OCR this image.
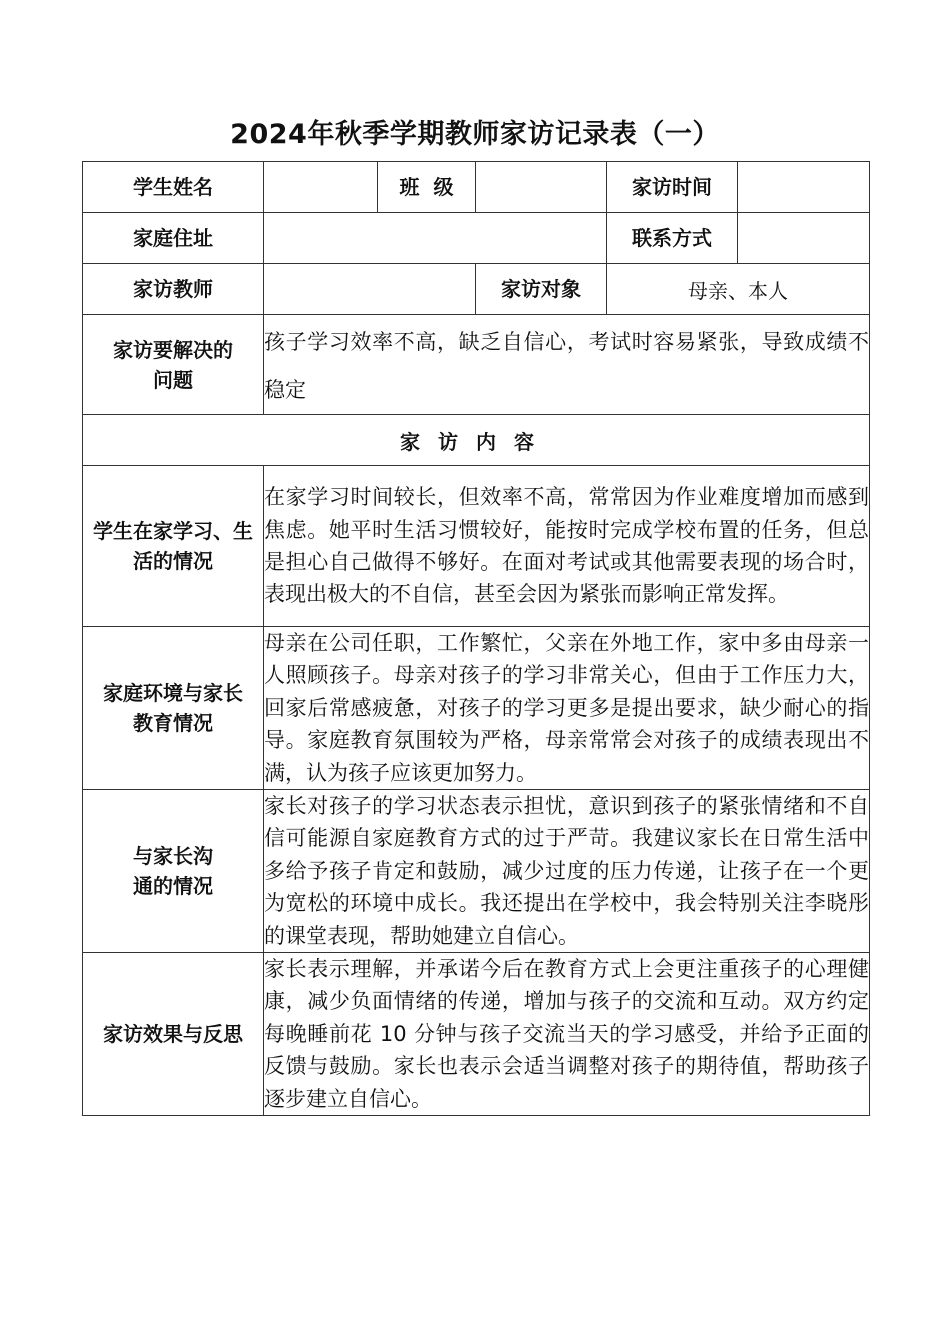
2024年秋季学期教师家访记录表（一）
学生姓名		班  级		家访时间	
家庭住址				联系方式	
家访教师			家访对象	母亲、本人	
家访要解决的问题	孩子学习效率不高，缺乏自信心，考试时容易紧张，导致成绩不稳定				
家访内容					
学生在家学习、生活的情况	在家学习时间较长，但效率不高，常常因为作业难度增加而感到焦虑。她平时生活习惯较好，能按时完成学校布置的任务，但总是担心自己做得不够好。在面对考试或其他需要表现的场合时，表现出极大的不自信，甚至会因为紧张而影响正常发挥。				
家庭环境与家长教育情况	母亲在公司任职，工作繁忙，父亲在外地工作，家中多由母亲一人照顾孩子。母亲对孩子的学习非常关心，但由于工作压力大，回家后常感疲惫，对孩子的学习更多是提出要求，缺少耐心的指导。家庭教育氛围较为严格，母亲常常会对孩子的成绩表现出不满，认为孩子应该更加努力。				
与家长沟通的情况	家长对孩子的学习状态表示担忧，意识到孩子的紧张情绪和不自信可能源自家庭教育方式的过于严苛。我建议家长在日常生活中多给予孩子肯定和鼓励，减少过度的压力传递，让孩子在一个更为宽松的环境中成长。我还提出在学校中，我会特别关注李晓彤的课堂表现，帮助她建立自信心。				
家访效果与反思	家长表示理解，并承诺今后在教育方式上会更注重孩子的心理健康，减少负面情绪的传递，增加与孩子的交流和互动。双方约定每晚睡前花 10 分钟与孩子交流当天的学习感受，并给予正面的反馈与鼓励。家长也表示会适当调整对孩子的期待值，帮助孩子逐步建立自信心。				
